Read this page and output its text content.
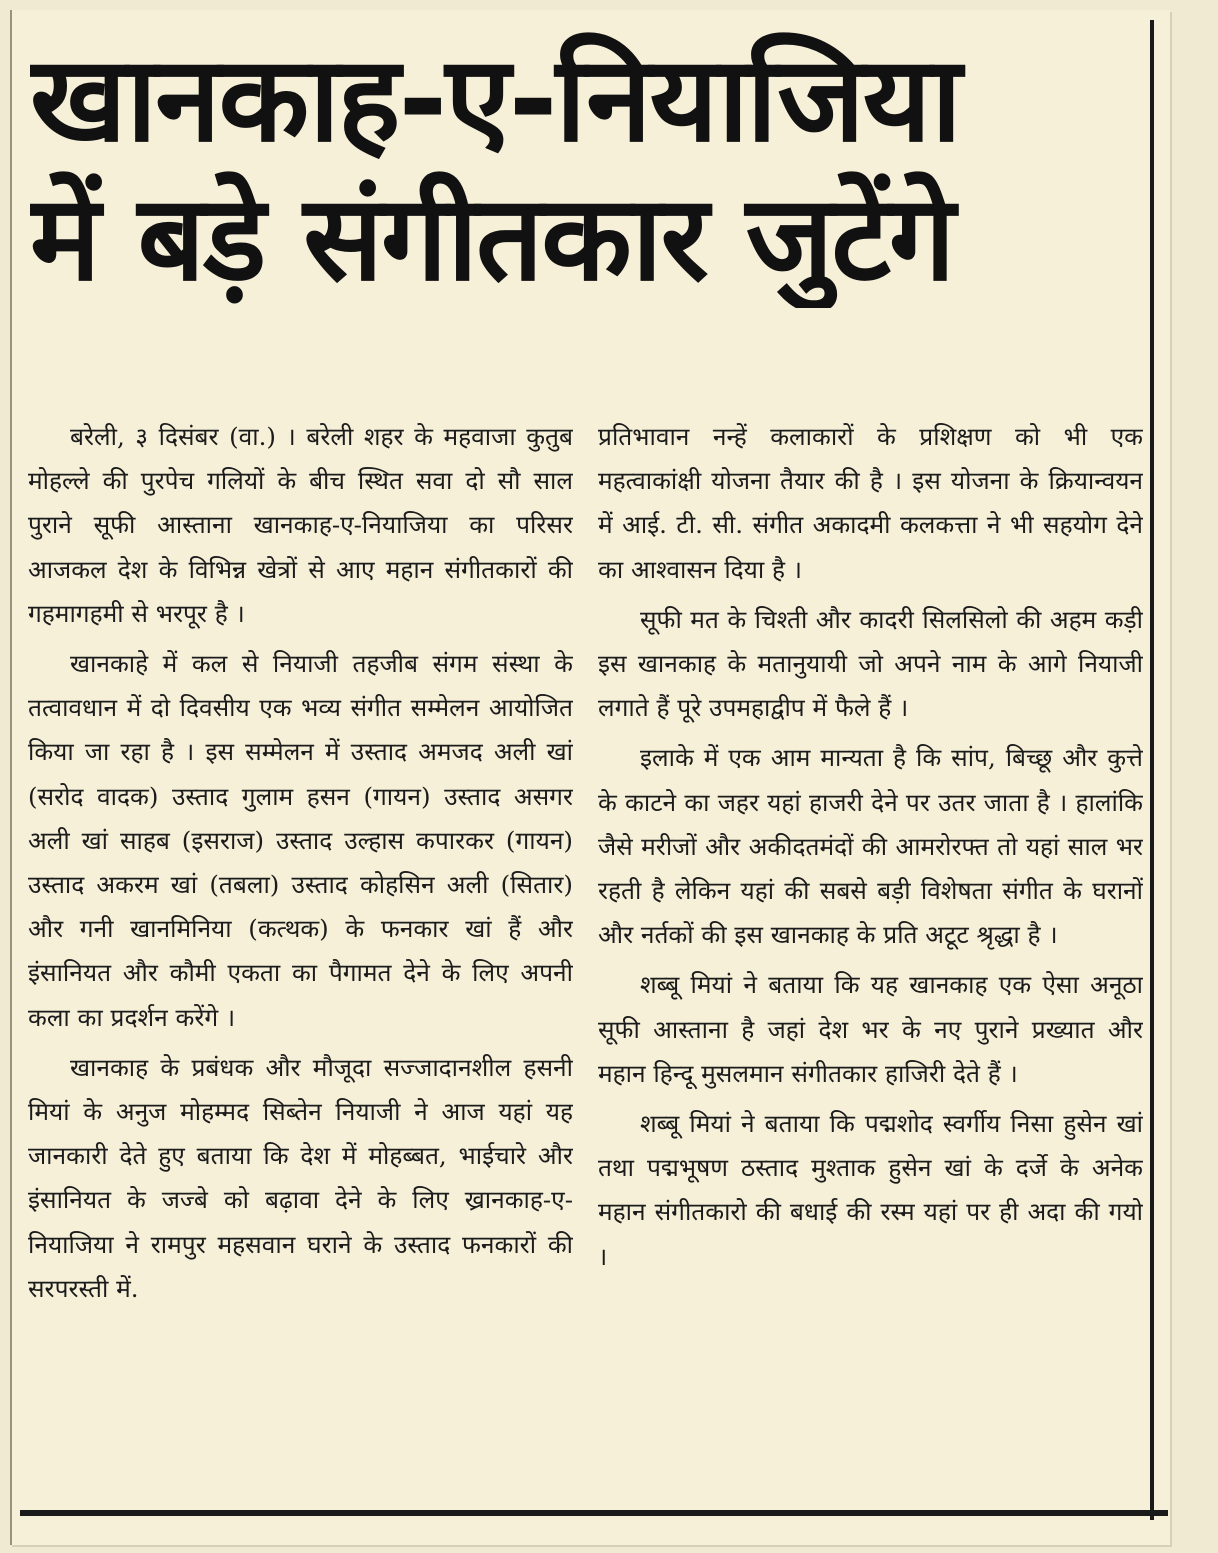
खानकाह-ए-नियाजिया
में बड़े संगीतकार जुटेंगे

बरेली, ३ दिसंबर (वा.) । बरेली शहर के महवाजा कुतुब मोहल्ले की पुरपेच गलियों के बीच स्थित सवा दो सौ साल पुराने सूफी आस्ताना खानकाह-ए-नियाजिया का परिसर आजकल देश के विभिन्न खेत्रों से आए महान संगीतकारों की गहमागहमी से भरपूर है ।

खानकाहे में कल से नियाजी तहजीब संगम संस्था के तत्वावधान में दो दिवसीय एक भव्य संगीत सम्मेलन आयोजित किया जा रहा है । इस सम्मेलन में उस्ताद अमजद अली खां (सरोद वादक) उस्ताद गुलाम हसन (गायन) उस्ताद असगर अली खां साहब (इसराज) उस्ताद उल्हास कपारकर (गायन) उस्ताद अकरम खां (तबला) उस्ताद कोहसिन अली (सितार) और गनी खानमिनिया (कत्थक) के फनकार खां हैं और इंसानियत और कौमी एकता का पैगामत देने के लिए अपनी कला का प्रदर्शन करेंगे ।

खानकाह के प्रबंधक और मौजूदा सज्जादानशील हसनी मियां के अनुज मोहम्मद सिब्तेन नियाजी ने आज यहां यह जानकारी देते हुए बताया कि देश में मोहब्बत, भाईचारे और इंसानियत के जज्बे को बढ़ावा देने के लिए ख्रानकाह-ए- नियाजिया ने रामपुर महसवान घराने के उस्ताद फनकारों की सरपरस्ती में.

प्रतिभावान नन्हें कलाकारों के प्रशिक्षण को भी एक महत्वाकांक्षी योजना तैयार की है । इस योजना के क्रियान्वयन में आई. टी. सी. संगीत अकादमी कलकत्ता ने भी सहयोग देने का आश्वासन दिया है ।

सूफी मत के चिश्ती और कादरी सिलसिलो की अहम कड़ी इस खानकाह के मतानुयायी जो अपने नाम के आगे नियाजी लगाते हैं पूरे उपमहाद्वीप में फैले हैं ।

इलाके में एक आम मान्यता है कि सांप, बिच्छू और कुत्ते के काटने का जहर यहां हाजरी देने पर उतर जाता है । हालांकि जैसे मरीजों और अकीदतमंदों की आमरोरफ्त तो यहां साल भर रहती है लेकिन यहां की सबसे बड़ी विशेषता संगीत के घरानों और नर्तकों की इस खानकाह के प्रति अटूट श्रृद्धा है ।

शब्बू मियां ने बताया कि यह खानकाह एक ऐसा अनूठा सूफी आस्ताना है जहां देश भर के नए पुराने प्रख्यात और महान हिन्दू मुसलमान संगीतकार हाजिरी देते हैं ।

शब्बू मियां ने बताया कि पद्मशोद स्वर्गीय निसा हुसेन खां तथा पद्मभूषण ठस्ताद मुश्ताक हुसेन खां के दर्जे के अनेक महान संगीतकारो की बधाई की रस्म यहां पर ही अदा की गयो ।
